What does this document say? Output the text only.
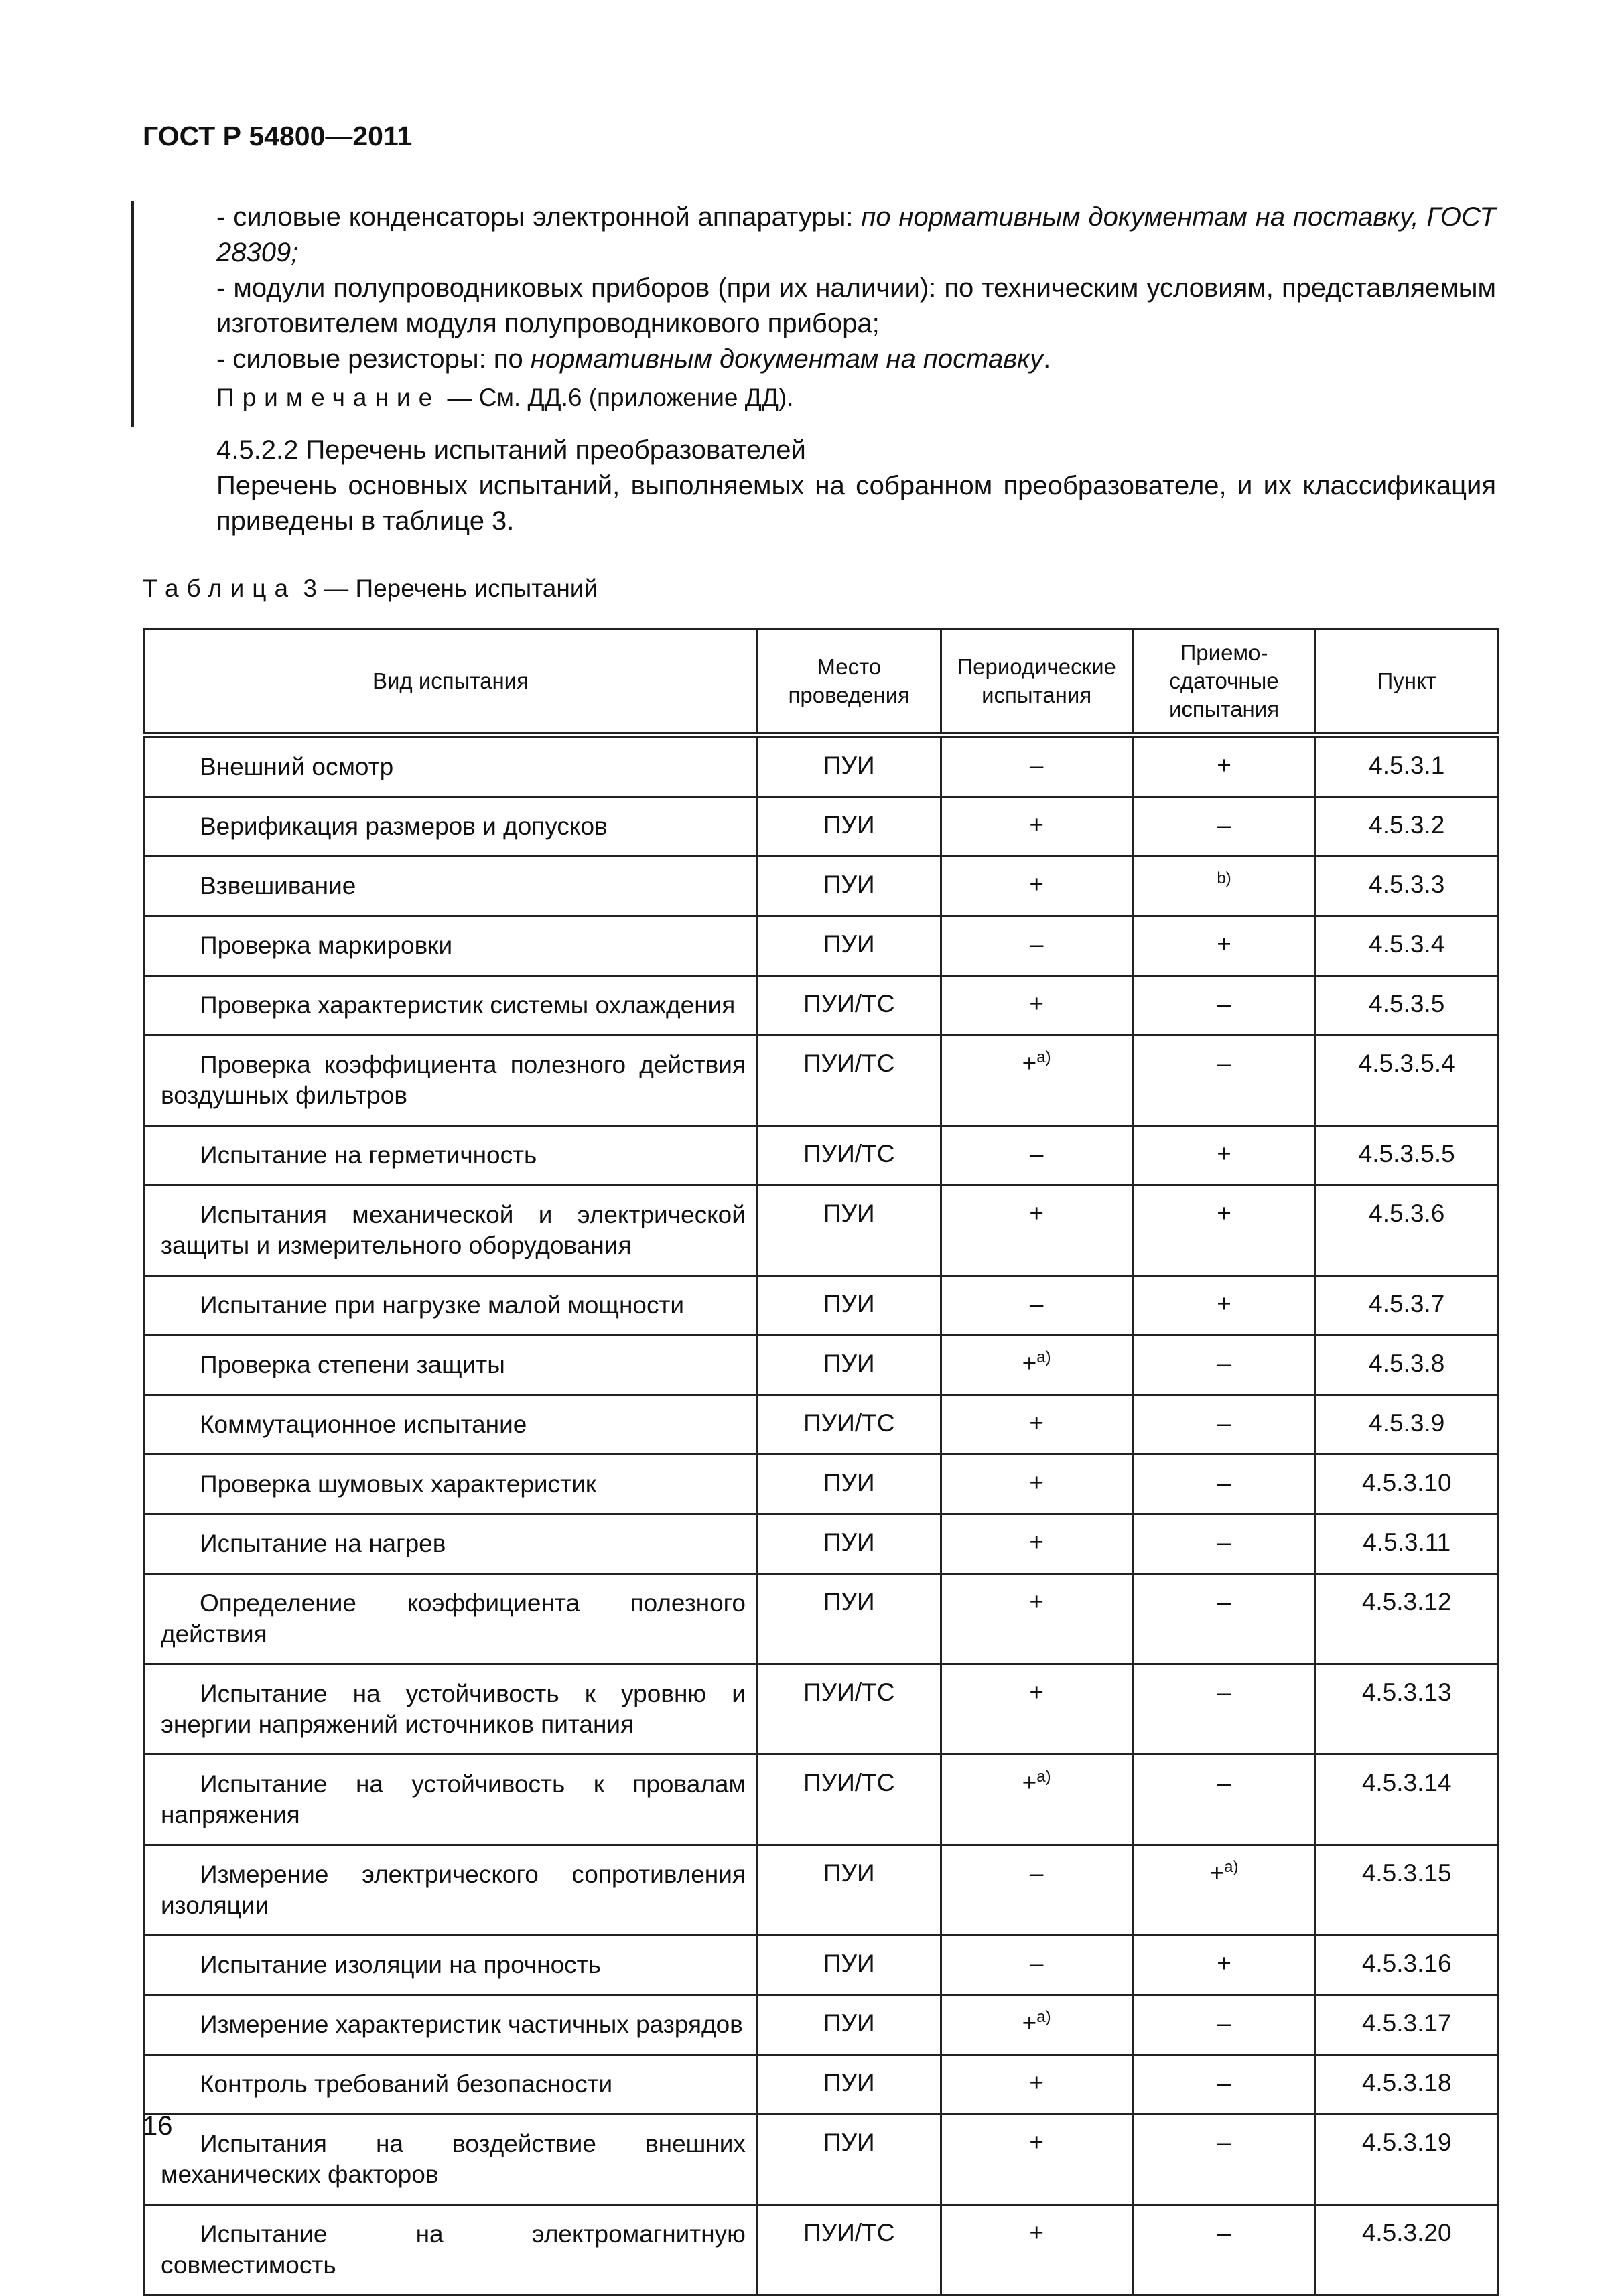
ГОСТ Р 54800—2011
- силовые конденсаторы электронной аппаратуры: по нормативным документам на поставку, ГОСТ 28309;
- модули полупроводниковых приборов (при их наличии): по техническим условиям, представляемым изготовителем модуля полупроводникового прибора;
- силовые резисторы: по нормативным документам на поставку.
Примечание — См. ДД.6 (приложение ДД).
4.5.2.2 Перечень испытаний преобразователей
Перечень основных испытаний, выполняемых на собранном преобразователе, и их классификация приведены в таблице 3.
Таблица 3 — Перечень испытаний
Вид испытания	Место проведения	Периодические испытания	Приемо-сдаточные испытания	Пункт
Внешний осмотр	ПУИ	–	+	4.5.3.1
Верификация размеров и допусков	ПУИ	+	–	4.5.3.2
Взвешивание	ПУИ	+	$^{b)}$	4.5.3.3
Проверка маркировки	ПУИ	–	+	4.5.3.4
Проверка характеристик системы охлаждения	ПУИ/ТС	+	–	4.5.3.5
Проверка коэффициента полезного действия воздушных фильтров	ПУИ/ТС	+$^{a)}$	–	4.5.3.5.4
Испытание на герметичность	ПУИ/ТС	–	+	4.5.3.5.5
Испытания механической и электрической защиты и измерительного оборудования	ПУИ	+	+	4.5.3.6
Испытание при нагрузке малой мощности	ПУИ	–	+	4.5.3.7
Проверка степени защиты	ПУИ	+$^{a)}$	–	4.5.3.8
Коммутационное испытание	ПУИ/ТС	+	–	4.5.3.9
Проверка шумовых характеристик	ПУИ	+	–	4.5.3.10
Испытание на нагрев	ПУИ	+	–	4.5.3.11
Определение коэффициента полезного действия	ПУИ	+	–	4.5.3.12
Испытание на устойчивость к уровню и энергии напряжений источников питания	ПУИ/ТС	+	–	4.5.3.13
Испытание на устойчивость к провалам напряжения	ПУИ/ТС	+$^{a)}$	–	4.5.3.14
Измерение электрического сопротивления изоляции	ПУИ	–	+$^{a)}$	4.5.3.15
Испытание изоляции на прочность	ПУИ	–	+	4.5.3.16
Измерение характеристик частичных разрядов	ПУИ	+$^{a)}$	–	4.5.3.17
Контроль требований безопасности	ПУИ	+	–	4.5.3.18
Испытания на воздействие внешних механических факторов	ПУИ	+	–	4.5.3.19
Испытание на электромагнитную совместимость	ПУИ/ТС	+	–	4.5.3.20
16
